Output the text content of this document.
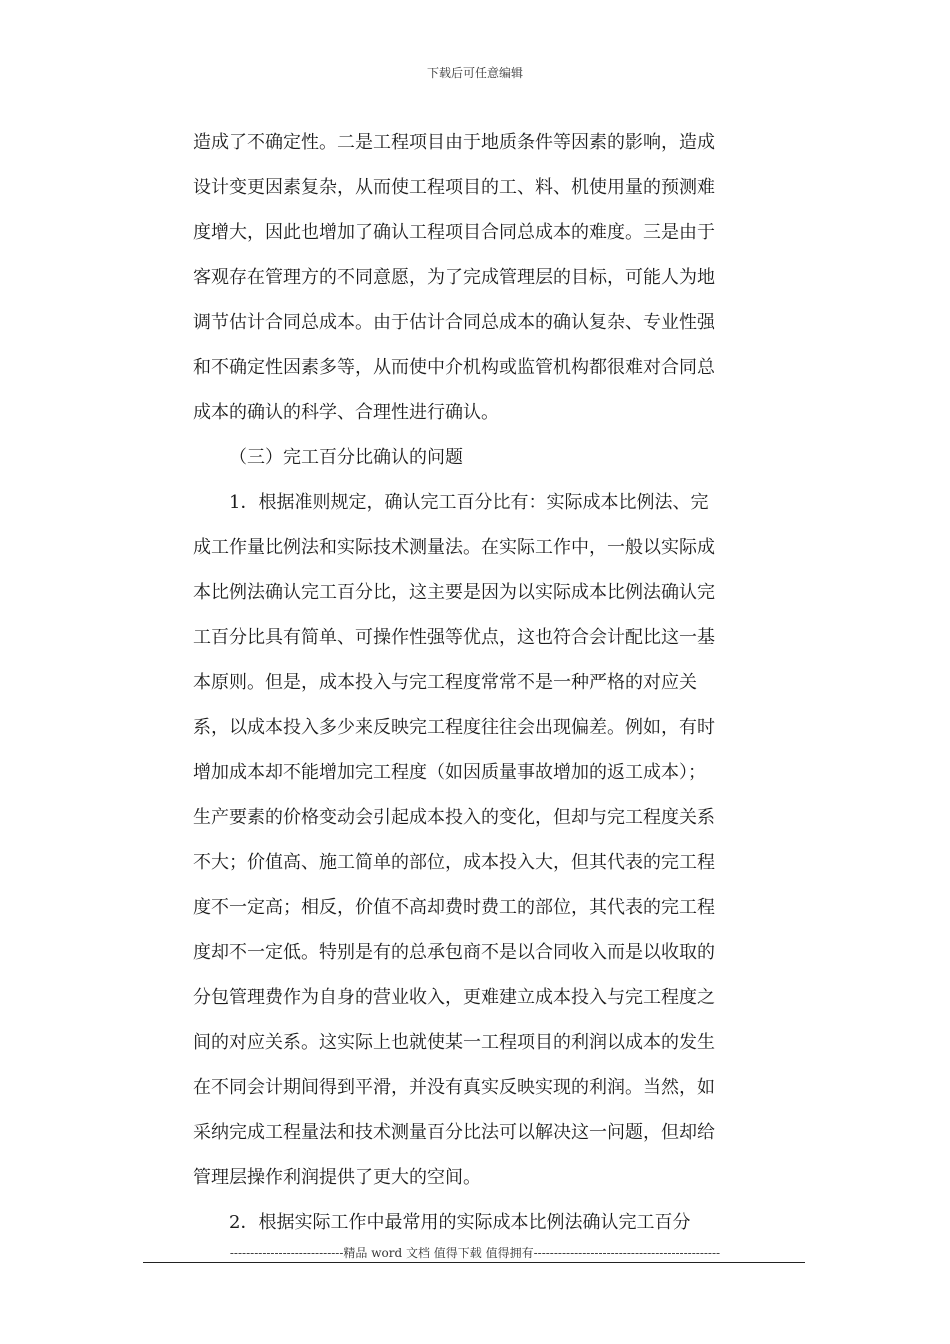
下载后可任意编辑
造成了不确定性。二是工程项目由于地质条件等因素的影响，造成
设计变更因素复杂，从而使工程项目的工、料、机使用量的预测难
度增大，因此也增加了确认工程项目合同总成本的难度。三是由于
客观存在管理方的不同意愿，为了完成管理层的目标，可能人为地
调节估计合同总成本。由于估计合同总成本的确认复杂、专业性强
和不确定性因素多等，从而使中介机构或监管机构都很难对合同总
成本的确认的科学、合理性进行确认。
（三）完工百分比确认的问题
1．根据准则规定，确认完工百分比有：实际成本比例法、完
成工作量比例法和实际技术测量法。在实际工作中，一般以实际成
本比例法确认完工百分比，这主要是因为以实际成本比例法确认完
工百分比具有简单、可操作性强等优点，这也符合会计配比这一基
本原则。但是，成本投入与完工程度常常不是一种严格的对应关
系，以成本投入多少来反映完工程度往往会出现偏差。例如，有时
增加成本却不能增加完工程度（如因质量事故增加的返工成本）；
生产要素的价格变动会引起成本投入的变化，但却与完工程度关系
不大；价值高、施工简单的部位，成本投入大，但其代表的完工程
度不一定高；相反，价值不高却费时费工的部位，其代表的完工程
度却不一定低。特别是有的总承包商不是以合同收入而是以收取的
分包管理费作为自身的营业收入，更难建立成本投入与完工程度之
间的对应关系。这实际上也就使某一工程项目的利润以成本的发生
在不同会计期间得到平滑，并没有真实反映实现的利润。当然，如
采纳完成工程量法和技术测量百分比法可以解决这一问题，但却给
管理层操作利润提供了更大的空间。
2．根据实际工作中最常用的实际成本比例法确认完工百分
----------------------------精品 word 文档 值得下载 值得拥有----------------------------------------------
